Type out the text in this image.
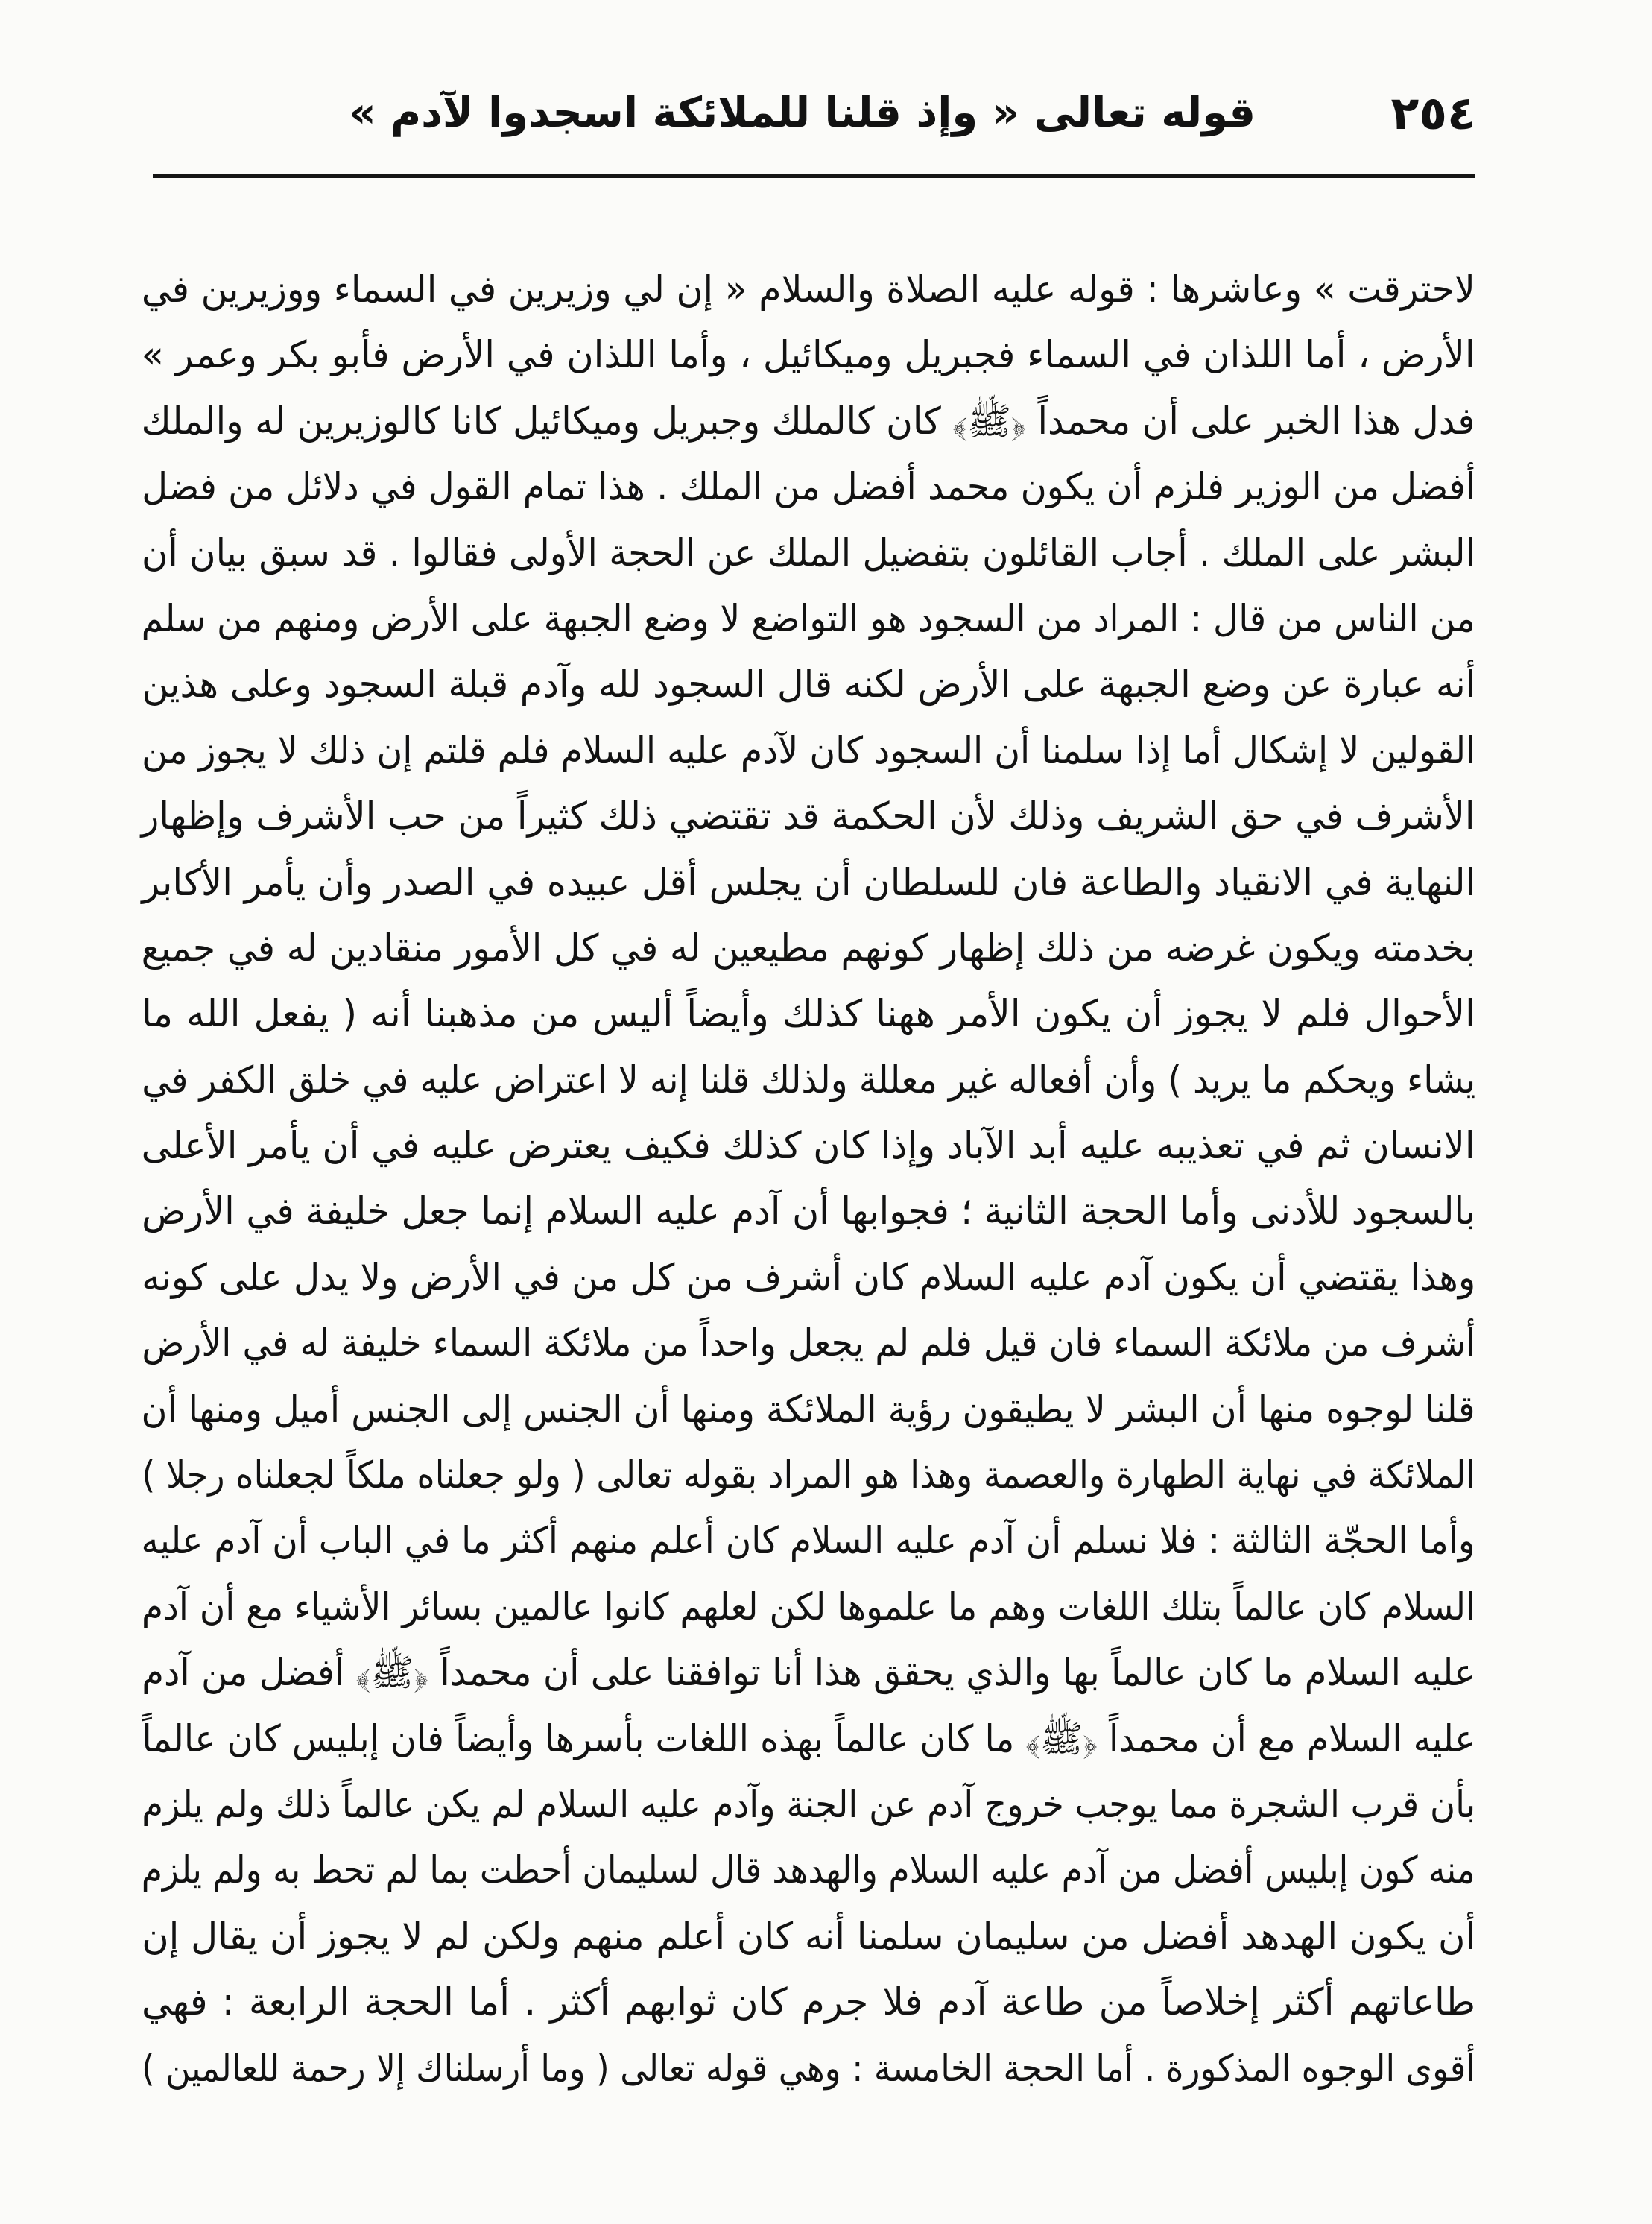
٢٥٤
قوله تعالى « وإذ قلنا للملائكة اسجدوا لآدم »
لاحترقت » وعاشرها : قوله عليه الصلاة والسلام « إن لي وزيرين في السماء ووزيرين في
الأرض ، أما اللذان في السماء فجبريل وميكائيل ، وأما اللذان في الأرض فأبو بكر وعمر »
فدل هذا الخبر على أن محمداً ﴿ﷺ﴾ كان كالملك وجبريل وميكائيل كانا كالوزيرين له والملك
أفضل من الوزير فلزم أن يكون محمد أفضل من الملك . هذا تمام القول في دلائل من فضل
البشر على الملك . أجاب القائلون بتفضيل الملك عن الحجة الأولى فقالوا . قد سبق بيان أن
من الناس من قال : المراد من السجود هو التواضع لا وضع الجبهة على الأرض ومنهم من سلم
أنه عبارة عن وضع الجبهة على الأرض لكنه قال السجود لله وآدم قبلة السجود وعلى هذين
القولين لا إشكال أما إذا سلمنا أن السجود كان لآدم عليه السلام فلم قلتم إن ذلك لا يجوز من
الأشرف في حق الشريف وذلك لأن الحكمة قد تقتضي ذلك كثيراً من حب الأشرف وإظهار
النهاية في الانقياد والطاعة فان للسلطان أن يجلس أقل عبيده في الصدر وأن يأمر الأكابر
بخدمته ويكون غرضه من ذلك إظهار كونهم مطيعين له في كل الأمور منقادين له في جميع
الأحوال فلم لا يجوز أن يكون الأمر ههنا كذلك وأيضاً أليس من مذهبنا أنه ( يفعل الله ما
يشاء ويحكم ما يريد ) وأن أفعاله غير معللة ولذلك قلنا إنه لا اعتراض عليه في خلق الكفر في
الانسان ثم في تعذيبه عليه أبد الآباد وإذا كان كذلك فكيف يعترض عليه في أن يأمر الأعلى
بالسجود للأدنى وأما الحجة الثانية ؛ فجوابها أن آدم عليه السلام إنما جعل خليفة في الأرض
وهذا يقتضي أن يكون آدم عليه السلام كان أشرف من كل من في الأرض ولا يدل على كونه
أشرف من ملائكة السماء فان قيل فلم لم يجعل واحداً من ملائكة السماء خليفة له في الأرض
قلنا لوجوه منها أن البشر لا يطيقون رؤية الملائكة ومنها أن الجنس إلى الجنس أميل ومنها أن
الملائكة في نهاية الطهارة والعصمة وهذا هو المراد بقوله تعالى ( ولو جعلناه ملكاً لجعلناه رجلا )
وأما الحجّة الثالثة : فلا نسلم أن آدم عليه السلام كان أعلم منهم أكثر ما في الباب أن آدم عليه
السلام كان عالماً بتلك اللغات وهم ما علموها لكن لعلهم كانوا عالمين بسائر الأشياء مع أن آدم
عليه السلام ما كان عالماً بها والذي يحقق هذا أنا توافقنا على أن محمداً ﴿ﷺ﴾ أفضل من آدم
عليه السلام مع أن محمداً ﴿ﷺ﴾ ما كان عالماً بهذه اللغات بأسرها وأيضاً فان إبليس كان عالماً
بأن قرب الشجرة مما يوجب خروج آدم عن الجنة وآدم عليه السلام لم يكن عالماً ذلك ولم يلزم
منه كون إبليس أفضل من آدم عليه السلام والهدهد قال لسليمان أحطت بما لم تحط به ولم يلزم
أن يكون الهدهد أفضل من سليمان سلمنا أنه كان أعلم منهم ولكن لم لا يجوز أن يقال إن
طاعاتهم أكثر إخلاصاً من طاعة آدم فلا جرم كان ثوابهم أكثر . أما الحجة الرابعة : فهي
أقوى الوجوه المذكورة . أما الحجة الخامسة : وهي قوله تعالى ( وما أرسلناك إلا رحمة للعالمين )
